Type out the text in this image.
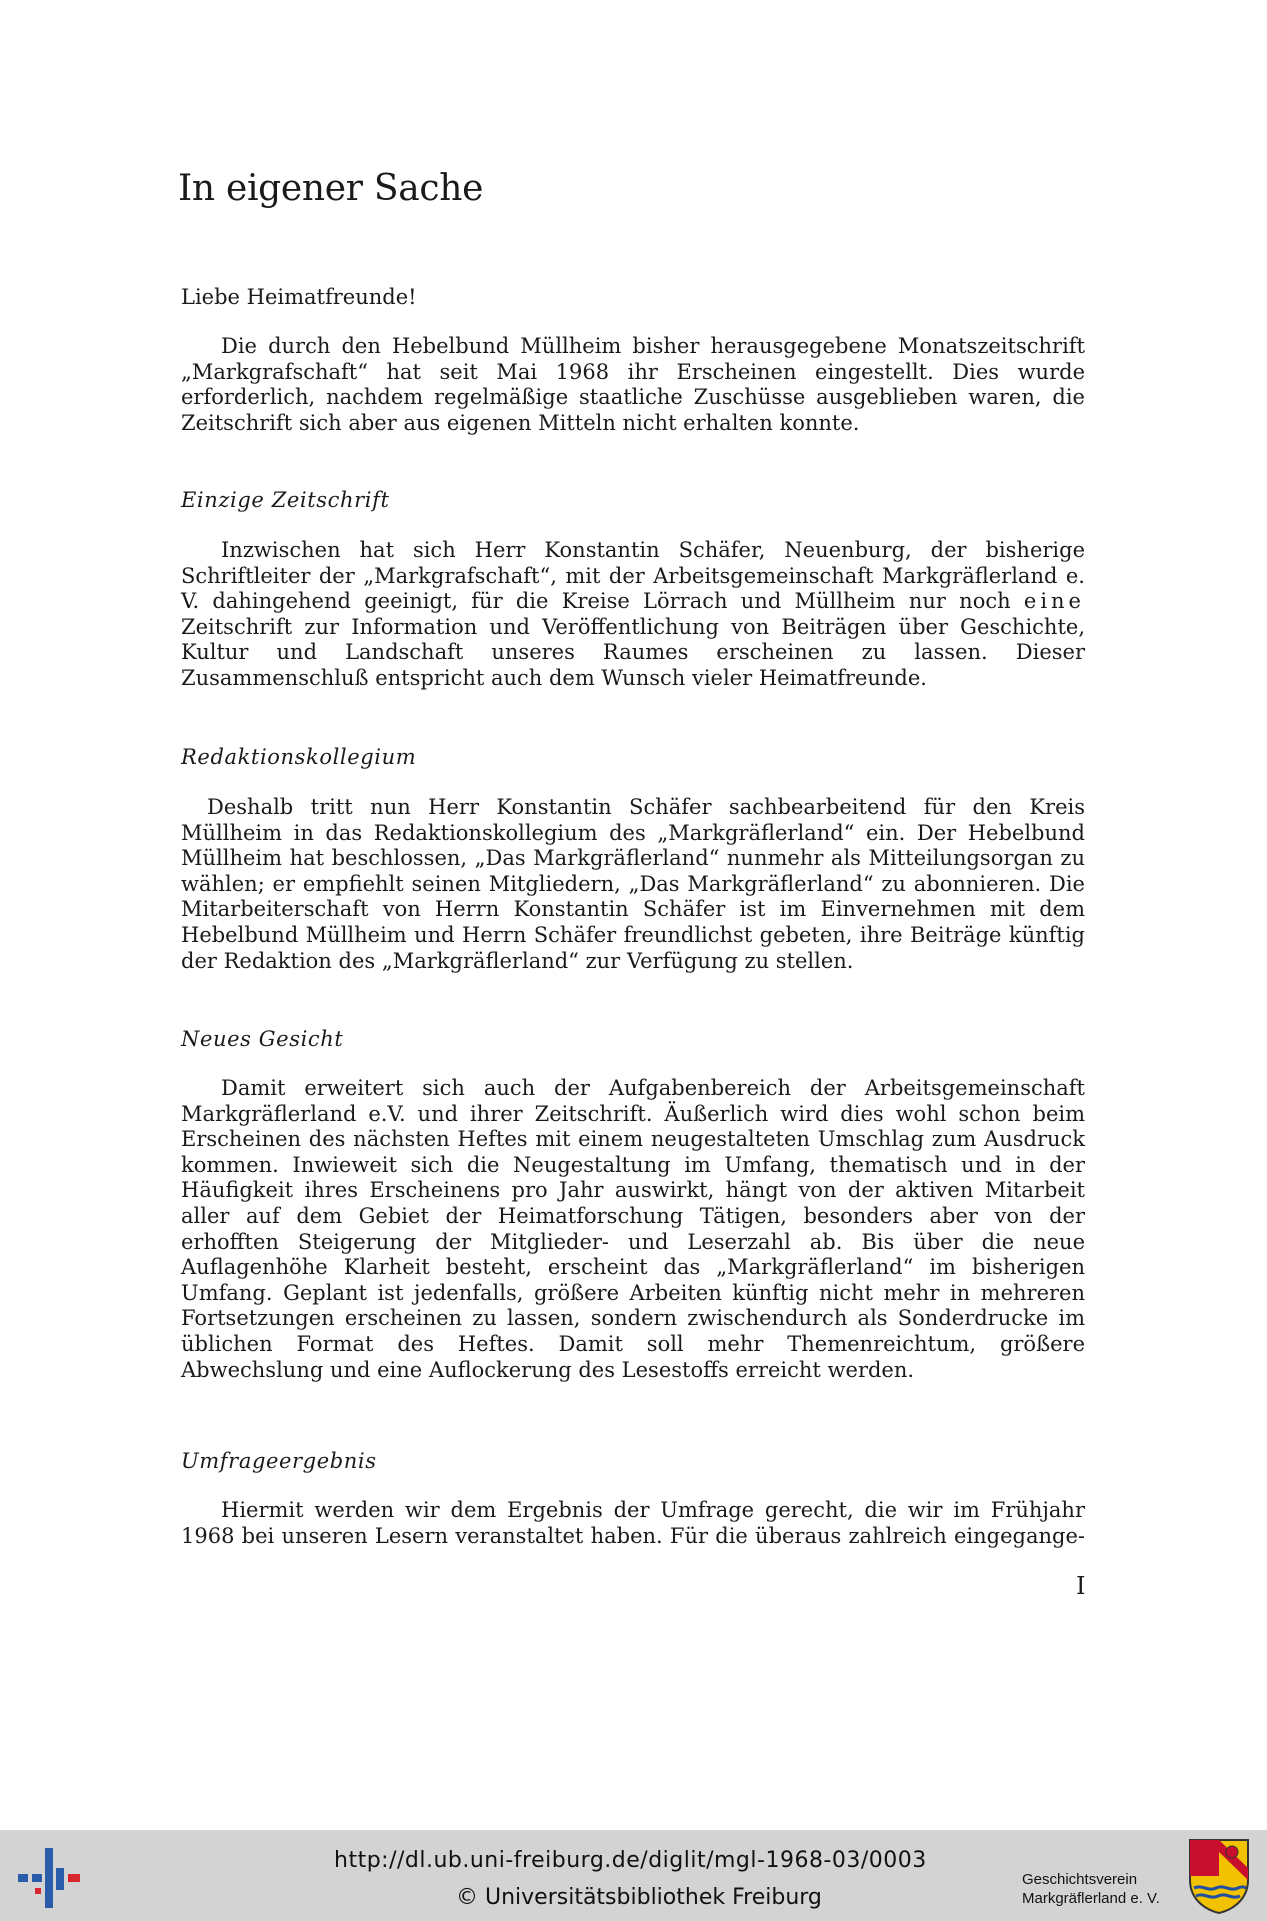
In eigener Sache

Liebe Heimatfreunde!

Die durch den Hebelbund Müllheim bisher herausgegebene Monatszeitschrift „Markgrafschaft“ hat seit Mai 1968 ihr Erscheinen eingestellt. Dies wurde erforderlich, nachdem regelmäßige staatliche Zuschüsse ausgeblieben waren, die Zeitschrift sich aber aus eigenen Mitteln nicht erhalten konnte.

Einzige Zeitschrift

Inzwischen hat sich Herr Konstantin Schäfer, Neuenburg, der bisherige Schriftleiter der „Markgrafschaft“, mit der Arbeitsgemeinschaft Markgräflerland e. V. dahingehend geeinigt, für die Kreise Lörrach und Müllheim nur noch eine Zeitschrift zur Information und Veröffentlichung von Beiträgen über Geschichte, Kultur und Landschaft unseres Raumes erscheinen zu lassen. Dieser Zusammenschluß entspricht auch dem Wunsch vieler Heimatfreunde.

Redaktionskollegium

Deshalb tritt nun Herr Konstantin Schäfer sachbearbeitend für den Kreis Müllheim in das Redaktionskollegium des „Markgräflerland“ ein. Der Hebelbund Müllheim hat beschlossen, „Das Markgräflerland“ nunmehr als Mitteilungsorgan zu wählen; er empfiehlt seinen Mitgliedern, „Das Markgräflerland“ zu abonnieren. Die Mitarbeiterschaft von Herrn Konstantin Schäfer ist im Einvernehmen mit dem Hebelbund Müllheim und Herrn Schäfer freundlichst gebeten, ihre Beiträge künftig der Redaktion des „Markgräflerland“ zur Verfügung zu stellen.

Neues Gesicht

Damit erweitert sich auch der Aufgabenbereich der Arbeitsgemeinschaft Markgräflerland e.V. und ihrer Zeitschrift. Äußerlich wird dies wohl schon beim Erscheinen des nächsten Heftes mit einem neugestalteten Umschlag zum Ausdruck kommen. Inwieweit sich die Neugestaltung im Umfang, thematisch und in der Häufigkeit ihres Erscheinens pro Jahr auswirkt, hängt von der aktiven Mitarbeit aller auf dem Gebiet der Heimatforschung Tätigen, besonders aber von der erhofften Steigerung der Mitglieder- und Leserzahl ab. Bis über die neue Auflagenhöhe Klarheit besteht, erscheint das „Markgräflerland“ im bisherigen Umfang. Geplant ist jedenfalls, größere Arbeiten künftig nicht mehr in mehreren Fortsetzungen erscheinen zu lassen, sondern zwischendurch als Sonderdrucke im üblichen Format des Heftes. Damit soll mehr Themenreichtum, größere Abwechslung und eine Auflockerung des Lesestoffs erreicht werden.

Umfrageergebnis

Hiermit werden wir dem Ergebnis der Umfrage gerecht, die wir im Frühjahr 1968 bei unseren Lesern veranstaltet haben. Für die überaus zahlreich eingegange-

I
http://dl.ub.uni-freiburg.de/diglit/mgl-1968-03/0003
© Universitätsbibliothek Freiburg
Geschichtsverein
Markgräflerland e. V.
